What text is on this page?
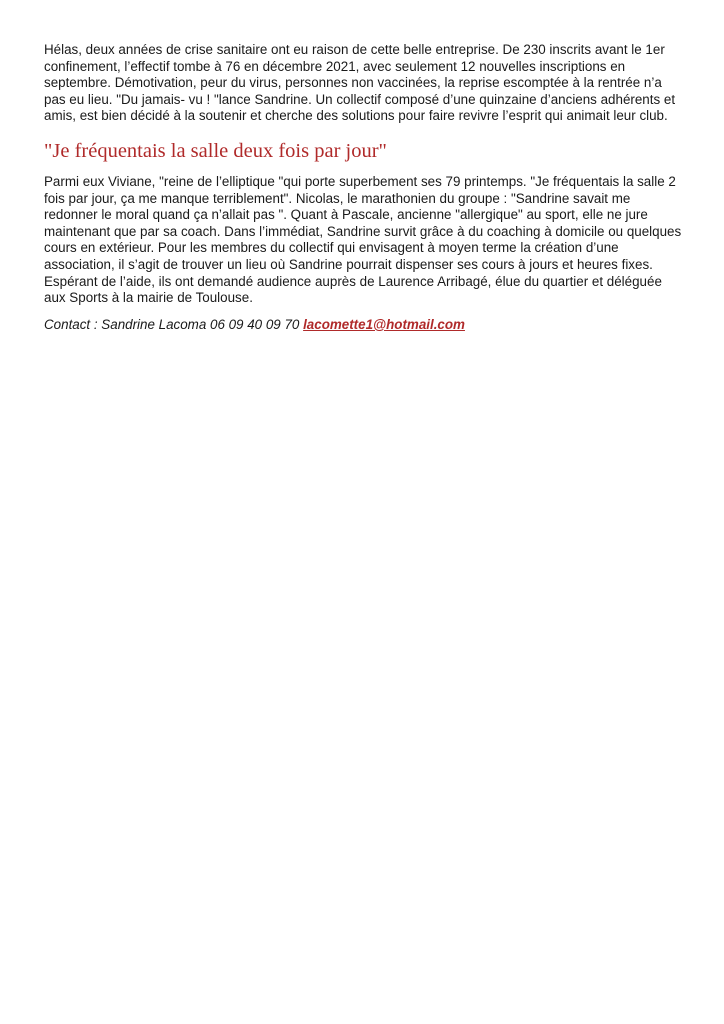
Hélas, deux années de crise sanitaire ont eu raison de cette belle entreprise. De 230 inscrits avant le 1er confinement, l’effectif tombe à 76 en décembre 2021, avec seulement 12 nouvelles inscriptions en septembre. Démotivation, peur du virus, personnes non vaccinées, la reprise escomptée à la rentrée n’a pas eu lieu. "Du jamais- vu ! "lance Sandrine. Un collectif composé d’une quinzaine d’anciens adhérents et amis, est bien décidé à la soutenir et cherche des solutions pour faire revivre l’esprit qui animait leur club.

"Je fréquentais la salle deux fois par jour"

Parmi eux Viviane, "reine de l’elliptique "qui porte superbement ses 79 printemps. "Je fréquentais la salle 2 fois par jour, ça me manque terriblement". Nicolas, le marathonien du groupe : "Sandrine savait me redonner le moral quand ça n’allait pas ". Quant à Pascale, ancienne "allergique" au sport, elle ne jure maintenant que par sa coach. Dans l’immédiat, Sandrine survit grâce à du coaching à domicile ou quelques cours en extérieur. Pour les membres du collectif qui envisagent à moyen terme la création d’une association, il s’agit de trouver un lieu où Sandrine pourrait dispenser ses cours à jours et heures fixes. Espérant de l’aide, ils ont demandé audience auprès de Laurence Arribagé, élue du quartier et déléguée aux Sports à la mairie de Toulouse.

Contact : Sandrine Lacoma 06 09 40 09 70 lacomette1@hotmail.com
